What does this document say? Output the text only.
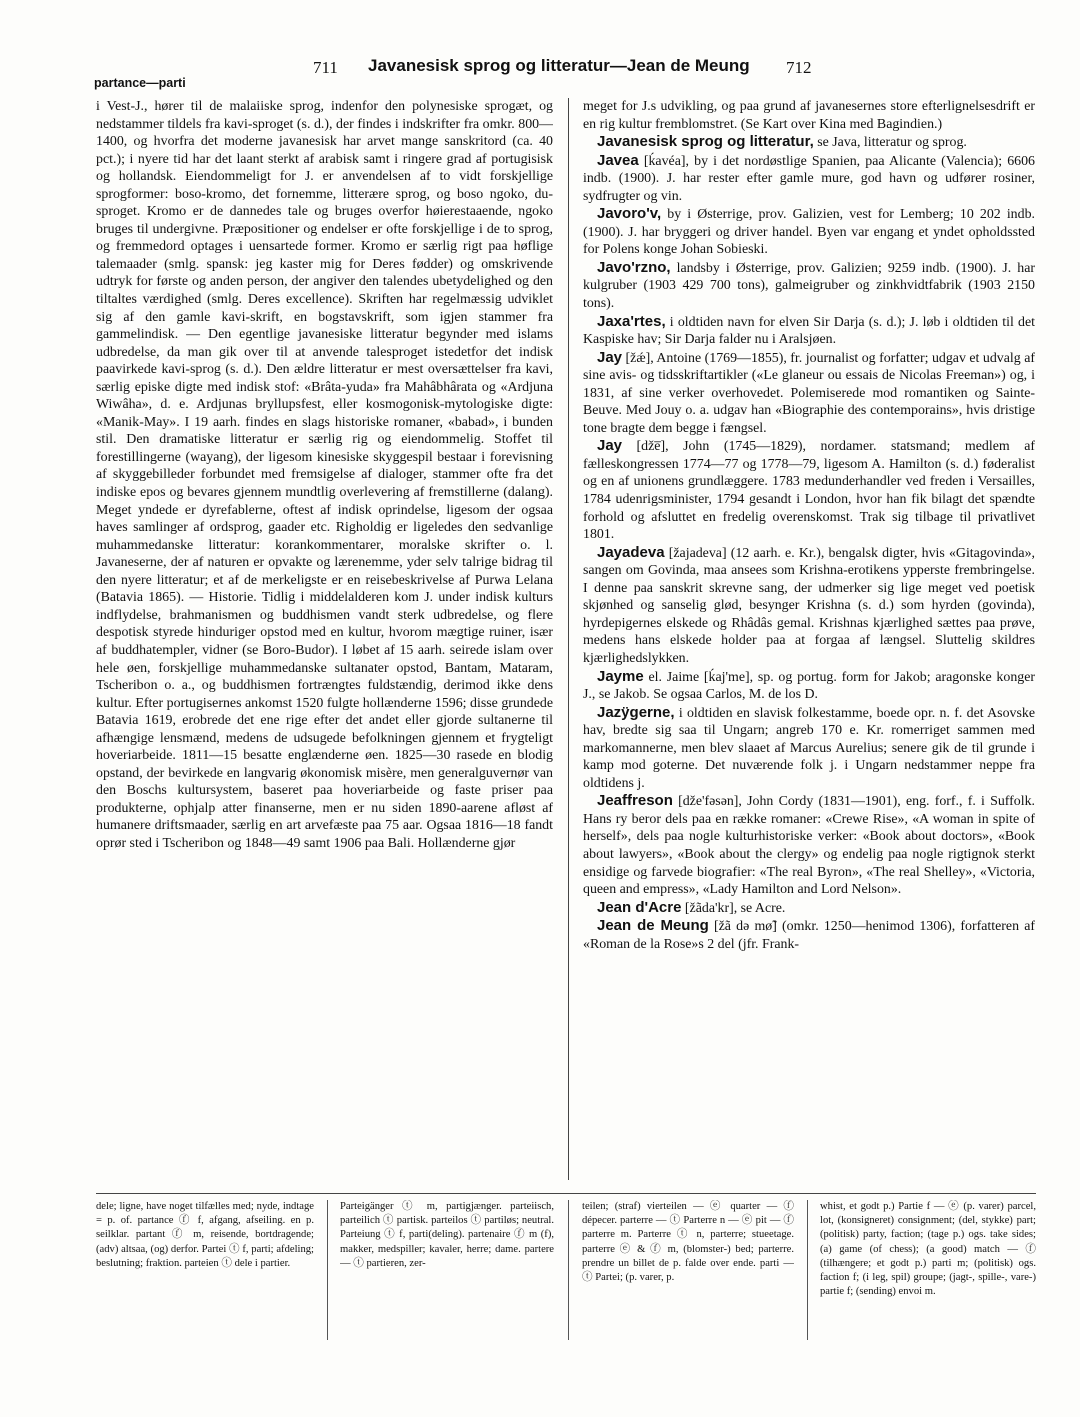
711 Javanesisk sprog og litteratur—Jean de Meung	712
partance—parti

i Vest-J., hører til de malaiiske sprog, indenfor den polynesiske sprogæt, og nedstammer tildels fra kavi-sproget (s. d.), der findes i indskrifter fra omkr. 800—1400, og hvorfra det moderne javanesisk har arvet mange sanskritord (ca. 40 pct.); i nyere tid har det laant sterkt af arabisk samt i ringere grad af portugisisk og hollandsk. Eiendommeligt for J. er anvendelsen af to vidt forskjellige sprogformer: boso-kromo, det fornemme, litterære sprog, og boso ngoko, du-sproget. Kromo er de dannedes tale og bruges overfor høierestaaende, ngoko bruges til undergivne. Præpositioner og endelser er ofte forskjellige i de to sprog, og fremmedord optages i uensartede former. Kromo er særlig rigt paa høflige talemaader (smlg. spansk: jeg kaster mig for Deres fødder) og omskrivende udtryk for første og anden person, der angiver den talendes ubetydelighed og den tiltaltes værdighed (smlg. Deres excellence). Skriften har regelmæssig udviklet sig af den gamle kavi-skrift, en bogstavskrift, som igjen stammer fra gammelindisk. — Den egentlige javanesiske litteratur begynder med islams udbredelse, da man gik over til at anvende talesproget istedetfor det indisk paavirkede kavi-sprog (s. d.). Den ældre litteratur er mest oversættelser fra kavi, særlig episke digte med indisk stof: «Brâta-yuda» fra Mahâbhârata og «Ardjuna Wiwâha», d. e. Ardjunas bryllupsfest, eller kosmogonisk-mytologiske digte: «Manik-May». I 19 aarh. findes en slags historiske romaner, «babad», i bunden stil. Den dramatiske litteratur er særlig rig og eiendommelig. Stoffet til forestillingerne (wayang), der ligesom kinesiske skyggespil bestaar i forevisning af skyggebilleder forbundet med fremsigelse af dialoger, stammer ofte fra det indiske epos og bevares gjennem mundtlig overlevering af fremstillerne (dalang). Meget yndede er dyrefablerne, oftest af indisk oprindelse, ligesom der ogsaa haves samlinger af ordsprog, gaader etc. Righoldig er ligeledes den sedvanlige muhammedanske litteratur: korankommentarer, moralske skrifter o. l. Javaneserne, der af naturen er opvakte og lærenemme, yder selv talrige bidrag til den nyere litteratur; et af de merkeligste er en reisebeskrivelse af Purwa Lelana (Batavia 1865). — Historie. Tidlig i middelalderen kom J. under indisk kulturs indflydelse, brahmanismen og buddhismen vandt sterk udbredelse, og flere despotisk styrede hinduriger opstod med en kultur, hvorom mægtige ruiner, især af buddhatempler, vidner (se Boro-Budor). I løbet af 15 aarh. seirede islam over hele øen, forskjellige muhammedanske sultanater opstod, Bantam, Mataram, Tscheribon o. a., og buddhismen fortrængtes fuldstændig, derimod ikke dens kultur. Efter portugisernes ankomst 1520 fulgte hollænderne 1596; disse grundede Batavia 1619, erobrede det ene rige efter det andet eller gjorde sultanerne til afhængige lensmænd, medens de udsugede befolkningen gjennem et frygteligt hoveriarbeide. 1811—15 besatte englænderne øen. 1825—30 rasede en blodig opstand, der bevirkede en langvarig økonomisk misère, men generalguvernør van den Boschs kultursystem, baseret paa hoveriarbeide og faste priser paa produkterne, ophjalp atter finanserne, men er nu siden 1890-aarene afløst af humanere driftsmaader, særlig en art arvefæste paa 75 aar. Ogsaa 1816—18 fandt oprør sted i Tscheribon og 1848—49 samt 1906 paa Bali. Hollænderne gjør

meget for J.s udvikling, og paa grund af javanesernes store efterlignelsesdrift er en rig kultur fremblomstret. (Se Kart over Kina med Bagindien.)

Javanesisk sprog og litteratur, se Java, litteratur og sprog.

Javea [ḱavéa], by i det nordøstlige Spanien, paa Alicante (Valencia); 6606 indb. (1900). J. har rester efter gamle mure, god havn og udfører rosiner, sydfrugter og vin.

Javoro'v, by i Østerrige, prov. Galizien, vest for Lemberg; 10 202 indb. (1900). J. har bryggeri og driver handel. Byen var engang et yndet opholdssted for Polens konge Johan Sobieski.

Javo'rzno, landsby i Østerrige, prov. Galizien; 9259 indb. (1900). J. har kulgruber (1903 429 700 tons), galmeigruber og zinkhvidtfabrik (1903 2150 tons).

Jaxa'rtes, i oldtiden navn for elven Sir Darja (s. d.); J. løb i oldtiden til det Kaspiske hav; Sir Darja falder nu i Aralsjøen.

Jay [žǽ], Antoine (1769—1855), fr. journalist og forfatter; udgav et udvalg af sine avis- og tidsskriftartikler («Le glaneur ou essais de Nicolas Freeman») og, i 1831, af sine verker overhovedet. Polemiserede mod romantiken og Sainte-Beuve. Med Jouy o. a. udgav han «Biographie des contemporains», hvis dristige tone bragte dem begge i fængsel.

Jay [dže̅], John (1745—1829), nordamer. statsmand; medlem af fælleskongressen 1774—77 og 1778—79, ligesom A. Hamilton (s. d.) føderalist og en af unionens grundlæggere. 1783 medunderhandler ved freden i Versailles, 1784 udenrigsminister, 1794 gesandt i London, hvor han fik bilagt det spændte forhold og afsluttet en fredelig overenskomst. Trak sig tilbage til privatlivet 1801.

Jayadeva [žajadeva] (12 aarh. e. Kr.), bengalsk digter, hvis «Gitagovinda», sangen om Govinda, maa ansees som Krishna-erotikens ypperste frembringelse. I denne paa sanskrit skrevne sang, der udmerker sig lige meget ved poetisk skjønhed og sanselig glød, besynger Krishna (s. d.) som hyrden (govinda), hyrdepigernes elskede og Rhâdâs gemal. Krishnas kjærlighed sættes paa prøve, medens hans elskede holder paa at forgaa af længsel. Sluttelig skildres kjærlighedslykken.

Jayme el. Jaime [ḱaj'me], sp. og portug. form for Jakob; aragonske konger J., se Jakob. Se ogsaa Carlos, M. de los D.

Jazÿgerne, i oldtiden en slavisk folkestamme, boede opr. n. f. det Asovske hav, bredte sig saa til Ungarn; angreb 170 e. Kr. romerriget sammen med markomannerne, men blev slaaet af Marcus Aurelius; senere gik de til grunde i kamp mod goterne. Det nuværende folk j. i Ungarn nedstammer neppe fra oldtidens j.

Jeaffreson [dže'fəsən], John Cordy (1831—1901), eng. forf., f. i Suffolk. Hans ry beror dels paa en række romaner: «Crewe Rise», «A woman in spite of herself», dels paa nogle kulturhistoriske verker: «Book about doctors», «Book about lawyers», «Book about the clergy» og endelig paa nogle rigtignok sterkt ensidige og farvede biografier: «The real Byron», «The real Shelley», «Victoria, queen and empress», «Lady Hamilton and Lord Nelson».

Jean d'Acre [žãda'kr], se Acre.

Jean de Meung [žã də mø̃] (omkr. 1250—henimod 1306), forfatteren af «Roman de la Rose»s 2 del (jfr. Frank-

dele; ligne, have noget tilfælles med; nyde, indtage = p. of. partance ⓕ f, afgang, afseiling. en p. seilklar. partant ⓕ m, reisende, bortdragende; (adv) altsaa, (og) derfor. Partei ⓣ f, parti; afdeling; beslutning; fraktion. parteien ⓣ dele i partier.

Parteigänger ⓣ m, partigjænger. parteiisch, parteilich ⓣ partisk. parteilos ⓣ partiløs; neutral. Parteiung ⓣ f, parti(deling). partenaire ⓕ m (f), makker, medspiller; kavaler, herre; dame. partere — ⓣ partieren, zer-

teilen; (straf) vierteilen — ⓔ quarter — ⓕ dépecer. parterre — ⓣ Parterre n — ⓔ pit — ⓕ parterre m. Parterre ⓣ n, parterre; stueetage. parterre ⓔ & ⓕ m, (blomster-) bed; parterre. prendre un billet de p. falde over ende. parti — ⓣ Partei; (p. varer, p.

whist, et godt p.) Partie f — ⓔ (p. varer) parcel, lot, (konsigneret) consignment; (del, stykke) part; (politisk) party, faction; (tage p.) ogs. take sides; (a) game (of chess); (a good) match — ⓕ (tilhængere; et godt p.) parti m; (politisk) ogs. faction f; (i leg, spil) groupe; (jagt-, spille-, vare-) partie f; (sending) envoi m.
